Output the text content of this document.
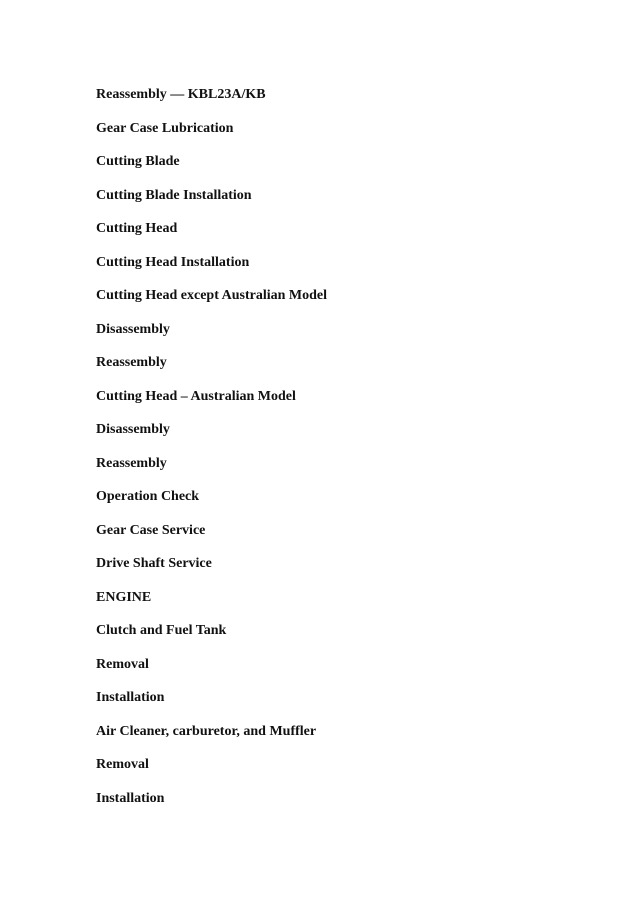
Reassembly — KBL23A/KB
Gear Case Lubrication
Cutting Blade
Cutting Blade Installation
Cutting Head
Cutting Head Installation
Cutting Head except Australian Model
Disassembly
Reassembly
Cutting Head – Australian Model
Disassembly
Reassembly
Operation Check
Gear Case Service
Drive Shaft Service
ENGINE
Clutch and Fuel Tank
Removal
Installation
Air Cleaner, carburetor, and Muffler
Removal
Installation
